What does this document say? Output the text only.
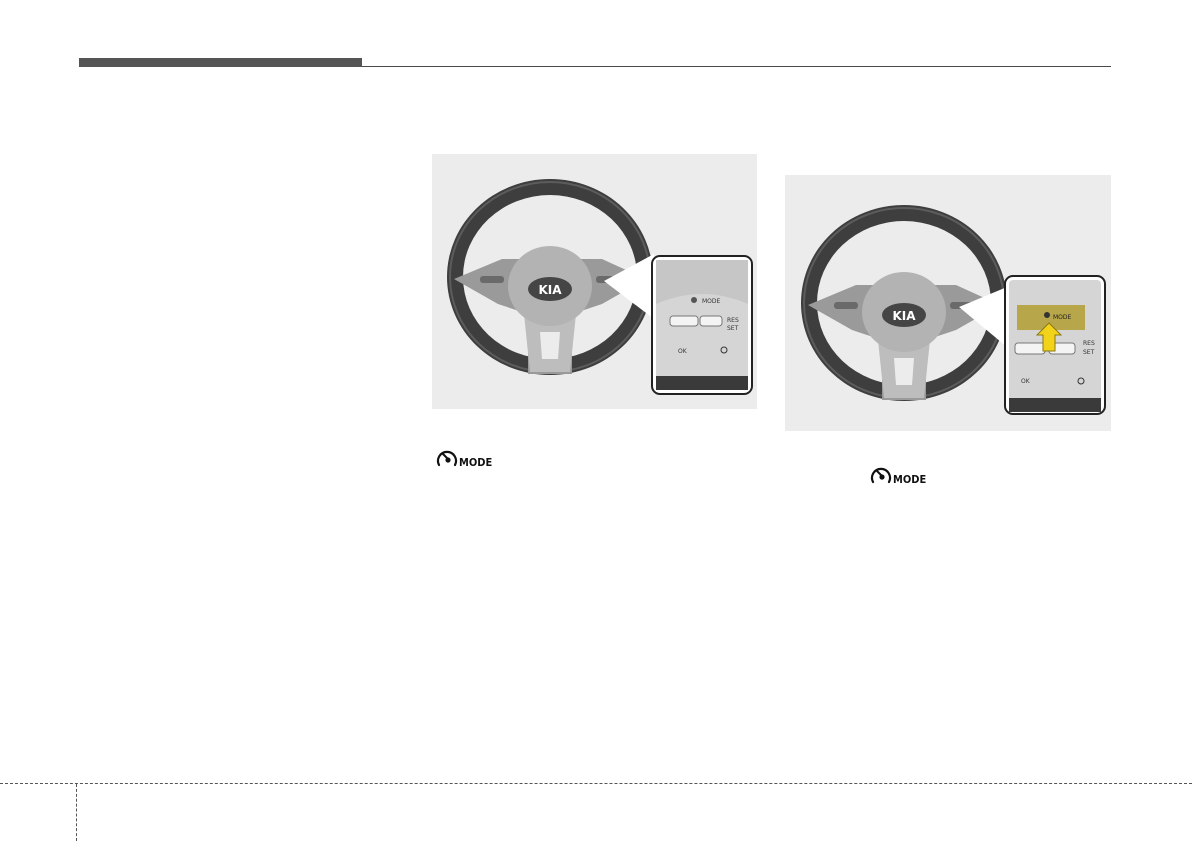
KIA
MODE
RES
SET
OK
KIA	MODE
RES
SET
OK
MODE
MODE
